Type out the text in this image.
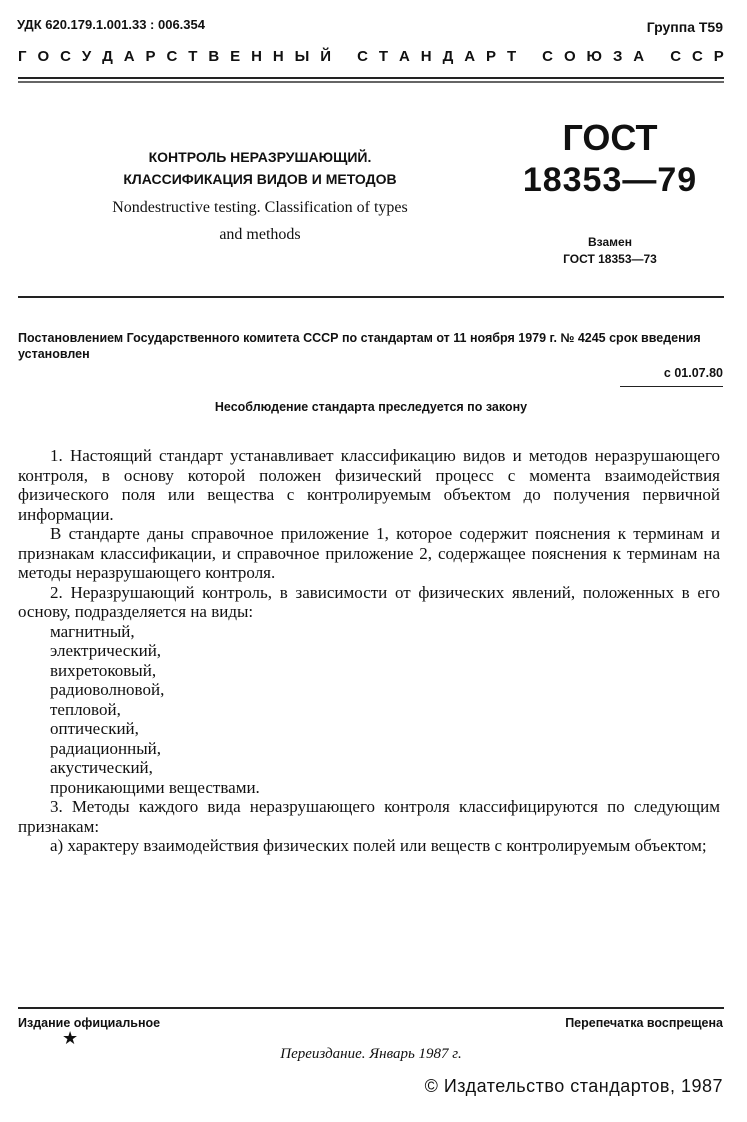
УДК 620.179.1.001.33 : 006.354	Группа Т59
Г О С У Д А Р С Т В Е Н Н Ы Й
С Т А Н Д А Р Т
С О Ю З А
С С Р
КОНТРОЛЬ НЕРАЗРУШАЮЩИЙ.
КЛАССИФИКАЦИЯ ВИДОВ И МЕТОДОВ
Nondestructive testing. Classification of types
and methods
ГОСТ
18353—79
Взамен
ГОСТ 18353—73
Постановлением Государственного комитета СССР по стандартам от 11 ноября 1979 г. № 4245 срок введения установлен
с 01.07.80
Несоблюдение стандарта преследуется по закону

1. Настоящий стандарт устанавливает классификацию видов и методов неразрушающего контроля, в основу которой положен физический процесс с момента взаимодействия физического поля или вещества с контролируемым объектом до получения первичной информации.

В стандарте даны справочное приложение 1, которое содержит пояснения к терминам и признакам классификации, и справочное приложение 2, содержащее пояснения к терминам на методы неразрушающего контроля.

2. Неразрушающий контроль, в зависимости от физических явлений, положенных в его основу, подразделяется на виды:

магнитный,
электрический,
вихретоковый,
радиоволновой,
тепловой,
оптический,
радиационный,
акустический,
проникающими веществами.

3. Методы каждого вида неразрушающего контроля классифицируются по следующим признакам:

а) характеру взаимодействия физических полей или веществ с контролируемым объектом;

Издание официальное
★
Перепечатка воспрещена
Переиздание. Январь 1987 г.
© Издательство стандартов, 1987
